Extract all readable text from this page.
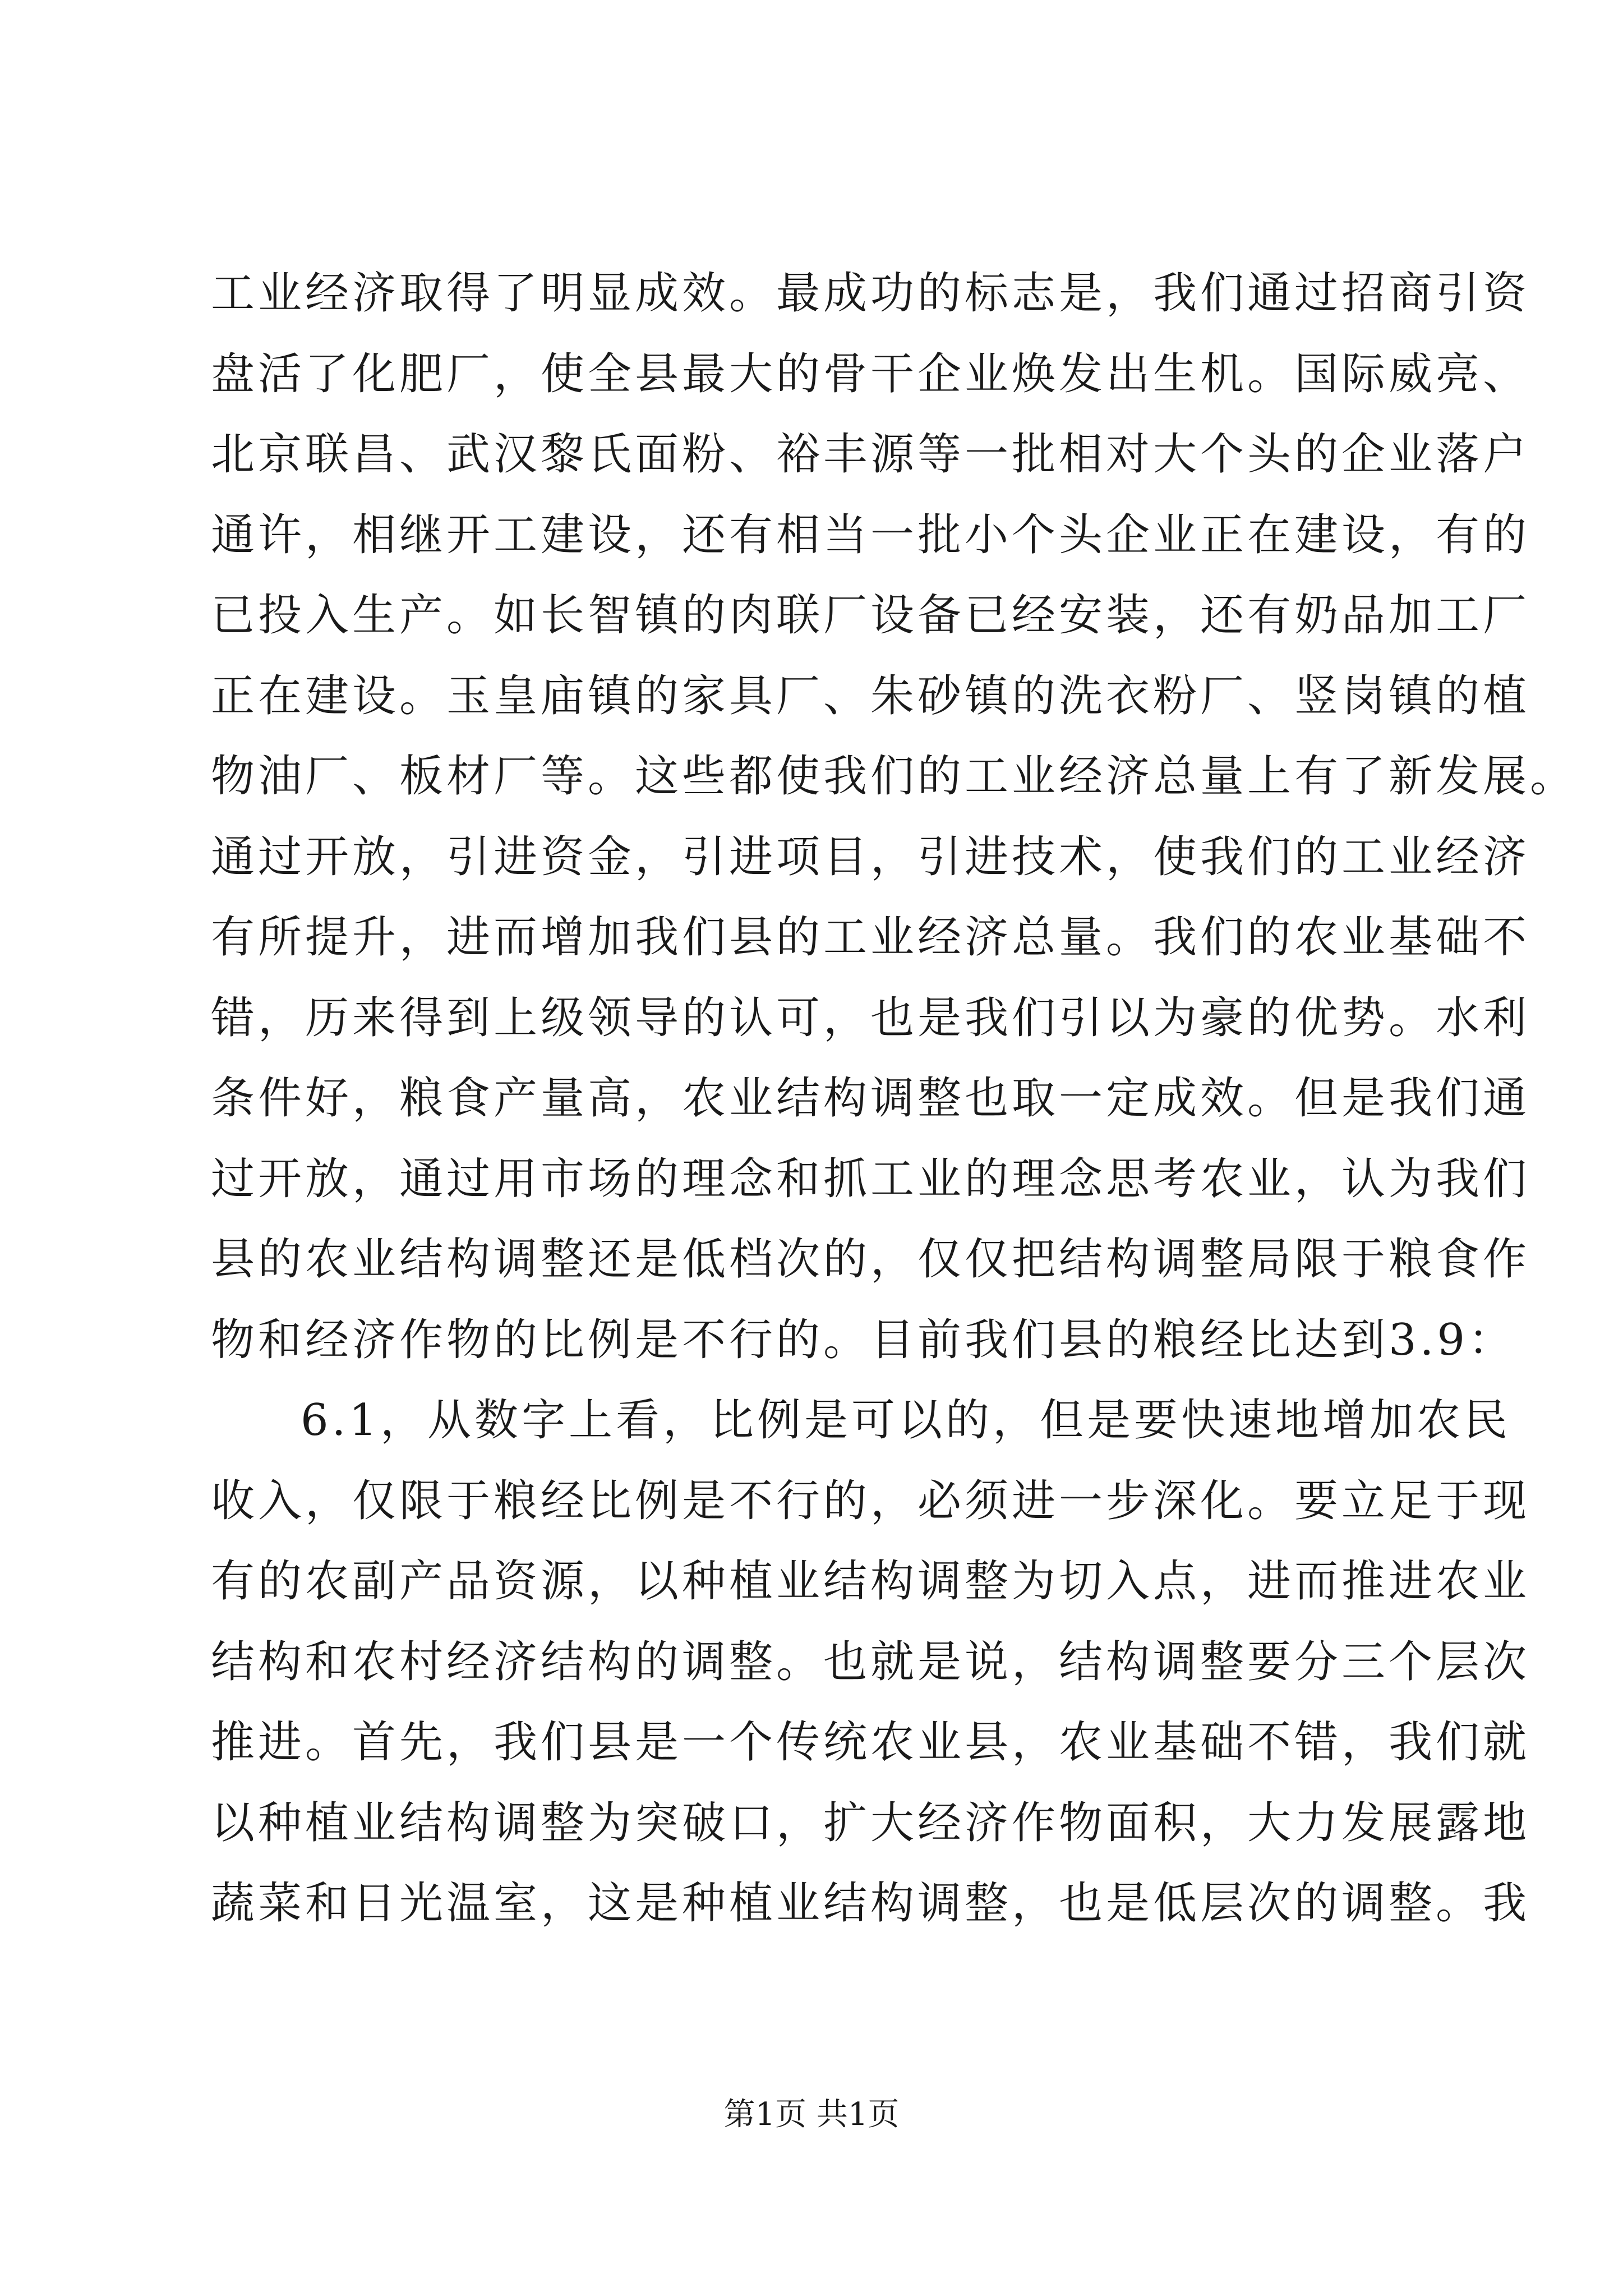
工业经济取得了明显成效。最成功的标志是，我们通过招商引资
盘活了化肥厂，使全县最大的骨干企业焕发出生机。国际威亮、
北京联昌、武汉黎氏面粉、裕丰源等一批相对大个头的企业落户
通许，相继开工建设，还有相当一批小个头企业正在建设，有的
已投入生产。如长智镇的肉联厂设备已经安装，还有奶品加工厂
正在建设。玉皇庙镇的家具厂、朱砂镇的洗衣粉厂、竖岗镇的植
物油厂、板材厂等。这些都使我们的工业经济总量上有了新发展。
通过开放，引进资金，引进项目，引进技术，使我们的工业经济
有所提升，进而增加我们县的工业经济总量。我们的农业基础不
错，历来得到上级领导的认可，也是我们引以为豪的优势。水利
条件好，粮食产量高，农业结构调整也取一定成效。但是我们通
过开放，通过用市场的理念和抓工业的理念思考农业，认为我们
县的农业结构调整还是低档次的，仅仅把结构调整局限于粮食作
物和经济作物的比例是不行的。目前我们县的粮经比达到3.9：
6.1，从数字上看，比例是可以的，但是要快速地增加农民
收入，仅限于粮经比例是不行的，必须进一步深化。要立足于现
有的农副产品资源，以种植业结构调整为切入点，进而推进农业
结构和农村经济结构的调整。也就是说，结构调整要分三个层次
推进。首先，我们县是一个传统农业县，农业基础不错，我们就
以种植业结构调整为突破口，扩大经济作物面积，大力发展露地
蔬菜和日光温室，这是种植业结构调整，也是低层次的调整。我
第1页 共1页
